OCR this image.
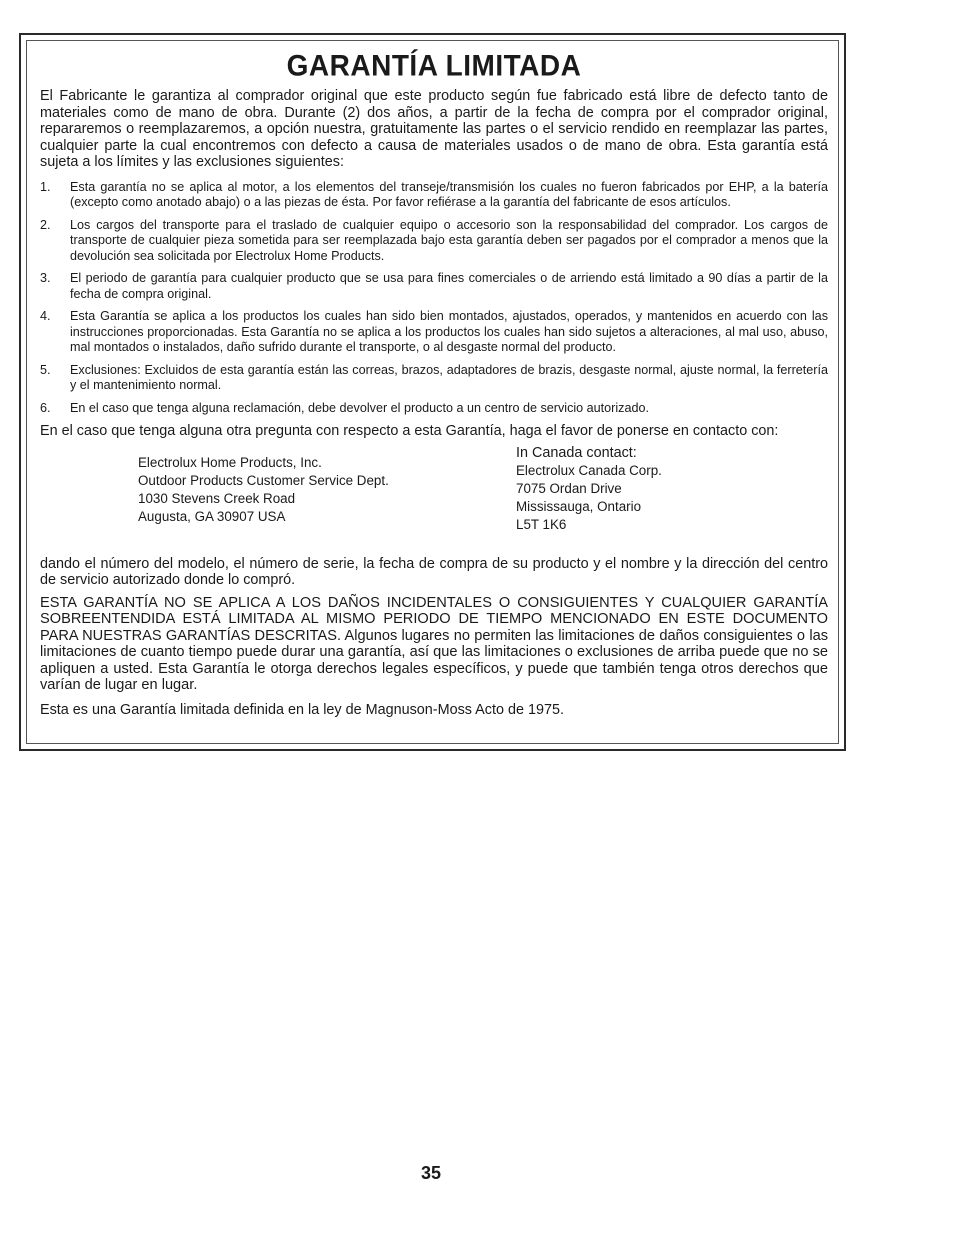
GARANTÍA LIMITADA

El Fabricante le garantiza al comprador original que este producto según fue fabricado está libre de defecto tanto de materiales como de mano de obra. Durante (2) dos años, a partir de la fecha de compra por el comprador original, repararemos o reemplazaremos, a opción nuestra, gratuitamente las partes o el servicio rendido en reemplazar las partes, cualquier parte la cual encontremos con defecto a causa de materiales usados o de mano de obra. Esta garantía está sujeta a los límites y las exclusiones siguientes:

1. Esta garantía no se aplica al motor, a los elementos del transeje/transmisión los cuales no fueron fabricados por EHP, a la batería (excepto como anotado abajo) o a las piezas de ésta. Por favor refiérase a la garantía del fabricante de esos artículos.
2. Los cargos del transporte para el traslado de cualquier equipo o accesorio son la responsabilidad del comprador. Los cargos de transporte de cualquier pieza sometida para ser reemplazada bajo esta garantía deben ser pagados por el comprador a menos que la devolución sea solicitada por Electrolux Home Products.
3. El periodo de garantía para cualquier producto que se usa para fines comerciales o de arriendo está limitado a 90 días a partir de la fecha de compra original.
4. Esta Garantía se aplica a los productos los cuales han sido bien montados, ajustados, operados, y mantenidos en acuerdo con las instrucciones proporcionadas. Esta Garantía no se aplica a los productos los cuales han sido sujetos a alteraciones, al mal uso, abuso, mal montados o instalados, daño sufrido durante el transporte, o al desgaste normal del producto.
5. Exclusiones: Excluidos de esta garantía están las correas, brazos, adaptadores de brazis, desgaste normal, ajuste normal, la ferretería y el mantenimiento normal.
6. En el caso que tenga alguna reclamación, debe devolver el producto a un centro de servicio autorizado.

En el caso que tenga alguna otra pregunta con respecto a esta Garantía, haga el favor de ponerse en contacto con:

Electrolux Home Products, Inc.
Outdoor Products Customer Service Dept.
1030 Stevens Creek Road
Augusta, GA 30907 USA
In Canada contact:
Electrolux Canada Corp.
7075 Ordan Drive
Mississauga, Ontario
L5T 1K6

dando el número del modelo, el número de serie, la fecha de compra de su producto y el nombre y la dirección del centro de servicio autorizado donde lo compró.

ESTA GARANTÍA NO SE APLICA A LOS DAÑOS INCIDENTALES O CONSIGUIENTES Y CUALQUIER GARANTÍA SOBREENTENDIDA ESTÁ LIMITADA AL MISMO PERIODO DE TIEMPO MENCIONADO EN ESTE DOCUMENTO PARA NUESTRAS GARANTÍAS DESCRITAS. Algunos lugares no permiten las limitaciones de daños consiguientes o las limitaciones de cuanto tiempo puede durar una garantía, así que las limitaciones o exclusiones de arriba puede que no se apliquen a usted. Esta Garantía le otorga derechos legales específicos, y puede que también tenga otros derechos que varían de lugar en lugar.

Esta es una Garantía limitada definida en la ley de Magnuson-Moss Acto de 1975.

35
